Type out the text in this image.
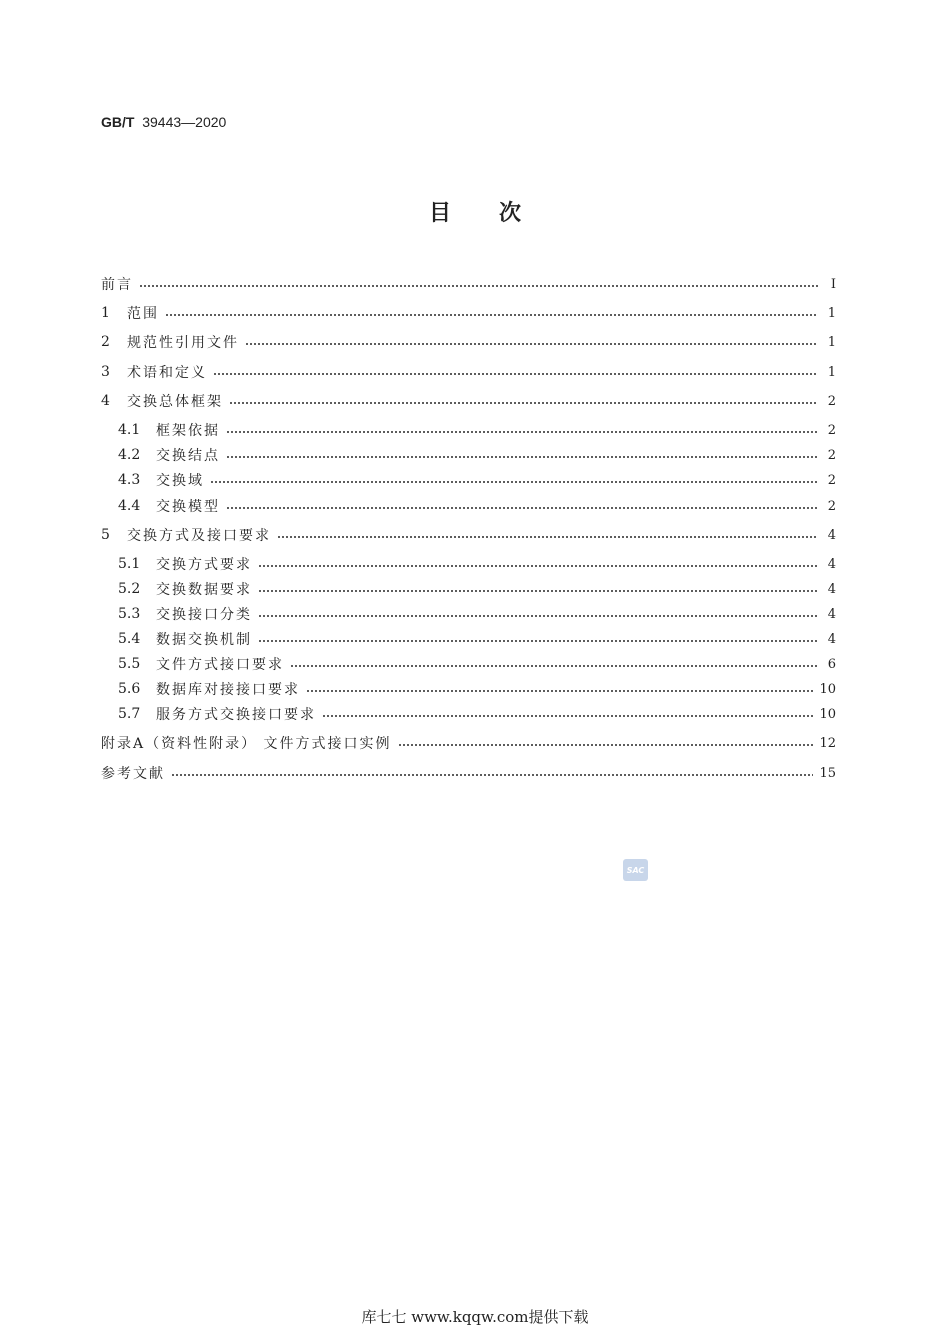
GB/T 39443—2020
目次
前言	I
1	范围	1
2	规范性引用文件	1
3	术语和定义	1
4	交换总体框架	2
4.1	框架依据	2
4.2	交换结点	2
4.3	交换域	2
4.4	交换模型	2
5	交换方式及接口要求	4
5.1	交换方式要求	4
5.2	交换数据要求	4
5.3	交换接口分类	4
5.4	数据交换机制	4
5.5	文件方式接口要求	6
5.6	数据库对接接口要求	10
5.7	服务方式交换接口要求	10
附录A（资料性附录） 文件方式接口实例	12
参考文献	15
SAC
库七七 www.kqqw.com提供下载
